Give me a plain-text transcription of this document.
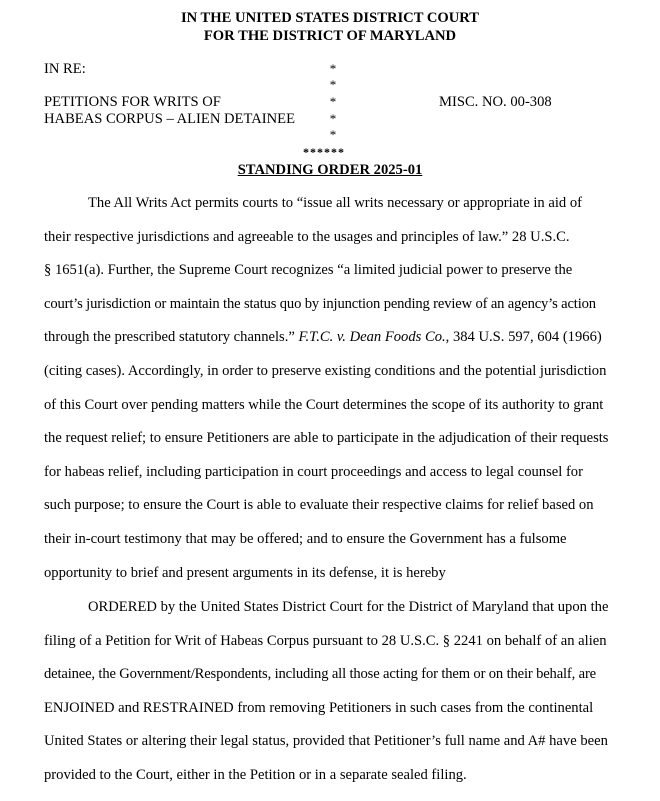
IN THE UNITED STATES DISTRICT COURT
FOR THE DISTRICT OF MARYLAND
IN RE:
PETITIONS FOR WRITS OF
HABEAS CORPUS – ALIEN DETAINEE
MISC. NO. 00-308
*
*
*
*
*
******
STANDING ORDER 2025-01
The All Writs Act permits courts to “issue all writs necessary or appropriate in aid of
their respective jurisdictions and agreeable to the usages and principles of law.” 28 U.S.C.
§ 1651(a). Further, the Supreme Court recognizes “a limited judicial power to preserve the
court’s jurisdiction or maintain the status quo by injunction pending review of an agency’s action
through the prescribed statutory channels.” F.T.C. v. Dean Foods Co., 384 U.S. 597, 604 (1966)
(citing cases). Accordingly, in order to preserve existing conditions and the potential jurisdiction
of this Court over pending matters while the Court determines the scope of its authority to grant
the request relief; to ensure Petitioners are able to participate in the adjudication of their requests
for habeas relief, including participation in court proceedings and access to legal counsel for
such purpose; to ensure the Court is able to evaluate their respective claims for relief based on
their in-court testimony that may be offered; and to ensure the Government has a fulsome
opportunity to brief and present arguments in its defense, it is hereby
ORDERED by the United States District Court for the District of Maryland that upon the
filing of a Petition for Writ of Habeas Corpus pursuant to 28 U.S.C. § 2241 on behalf of an alien
detainee, the Government/Respondents, including all those acting for them or on their behalf, are
ENJOINED and RESTRAINED from removing Petitioners in such cases from the continental
United States or altering their legal status, provided that Petitioner’s full name and A# have been
provided to the Court, either in the Petition or in a separate sealed filing.
